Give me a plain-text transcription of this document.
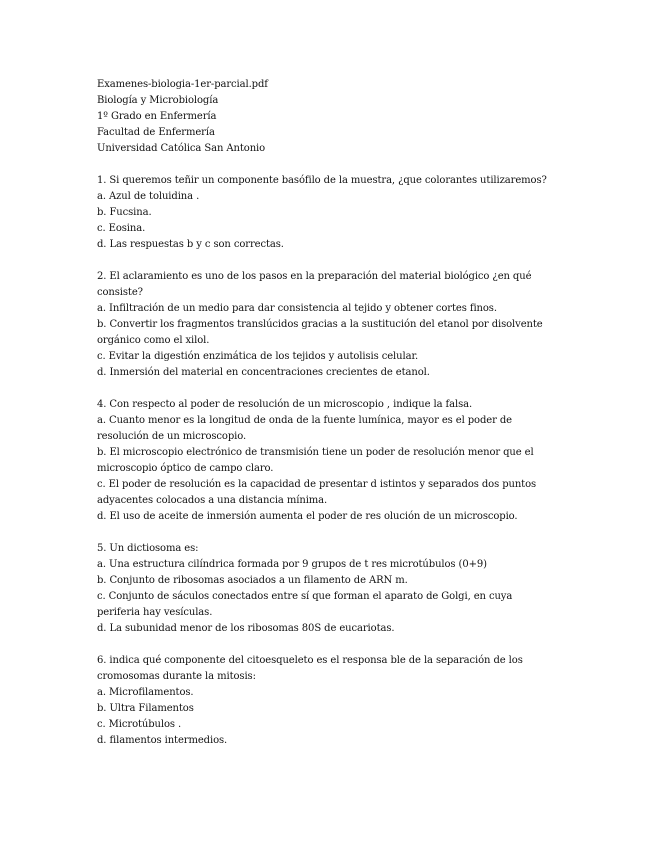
Examenes-biologia-1er-parcial.pdf
Biología y Microbiología
1º Grado en Enfermería
Facultad de Enfermería
Universidad Católica San Antonio
1. Si queremos teñir un componente basófilo de la muestra, ¿que colorantes utilizaremos?
a. Azul de toluidina .
b. Fucsina.
c. Eosina.
d. Las respuestas b y c son correctas.
2. El aclaramiento es uno de los pasos en la preparación del material biológico ¿en qué
consiste?
a. Infiltración de un medio para dar consistencia al tejido y obtener cortes finos.
b. Convertir los fragmentos translúcidos gracias a la sustitución del etanol por disolvente
orgánico como el xilol.
c. Evitar la digestión enzimática de los tejidos y autolisis celular.
d. Inmersión del material en concentraciones crecientes de etanol.
4. Con respecto al poder de resolución de un microscopio , indique la falsa.
a. Cuanto menor es la longitud de onda de la fuente lumínica, mayor es el poder de
resolución de un microscopio.
b. El microscopio electrónico de transmisión tiene un poder de resolución menor que el
microscopio óptico de campo claro.
c. El poder de resolución es la capacidad de presentar d istintos y separados dos puntos
adyacentes colocados a una distancia mínima.
d. El uso de aceite de inmersión aumenta el poder de res olución de un microscopio.
5. Un dictiosoma es:
a. Una estructura cilíndrica formada por 9 grupos de t res microtúbulos (0+9)
b. Conjunto de ribosomas asociados a un filamento de ARN m.
c. Conjunto de sáculos conectados entre sí que forman el aparato de Golgi, en cuya
periferia hay vesículas.
d. La subunidad menor de los ribosomas 80S de eucariotas.
6. indica qué componente del citoesqueleto es el responsa ble de la separación de los
cromosomas durante la mitosis:
a. Microfilamentos.
b. Ultra Filamentos
c. Microtúbulos .
d. filamentos intermedios.
